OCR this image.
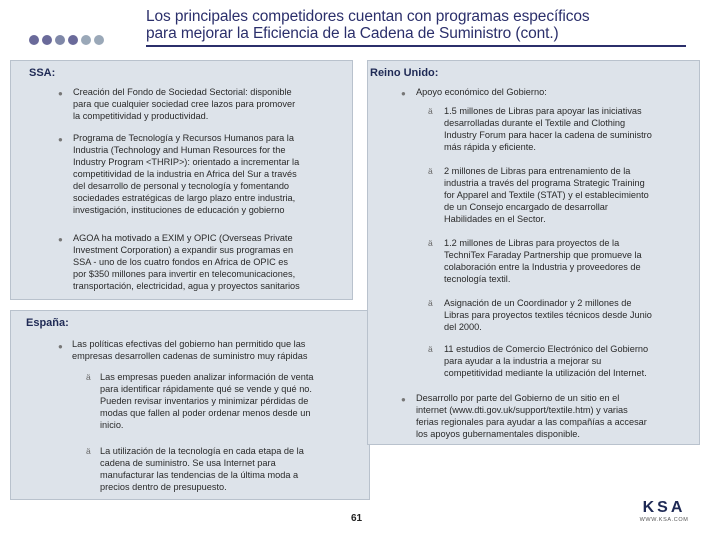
Los principales competidores cuentan con programas específicos
para mejorar la Eficiencia de la Cadena de Suministro (cont.)
SSA:
● Creación del Fondo de Sociedad Sectorial: disponible
para que cualquier sociedad cree lazos para promover
la competitividad y productividad.
● Programa de Tecnología y Recursos Humanos para la
Industria (Technology and Human Resources for the
Industry Program <THRIP>): orientado a incrementar la
competitividad de la industria en Africa del Sur a través
del desarrollo de personal y tecnología y fomentando
sociedades estratégicas de largo plazo entre industria,
investigación, instituciones de educación y gobierno
● AGOA ha motivado a EXIM y OPIC (Overseas Private
Investment Corporation) a expandir sus programas en
SSA - uno de los cuatro fondos en Africa de OPIC es
por $350 millones para invertir en telecomunicaciones,
transportación, electricidad, agua y proyectos sanitarios
España:
● Las políticas efectivas del gobierno han permitido que las
empresas desarrollen cadenas de suministro muy rápidas
ä Las empresas pueden analizar información de venta
para identificar rápidamente qué se vende y qué no.
Pueden revisar inventarios y minimizar pérdidas de
modas que fallen al poder ordenar menos desde un
inicio.
ä La utilización de la tecnología en cada etapa de la
cadena de suministro. Se usa Internet para
manufacturar las tendencias de la última moda a
precios dentro de presupuesto.
Reino Unido:
● Apoyo económico del Gobierno:
ä 1.5 millones de Libras para apoyar las iniciativas
desarrolladas durante el Textile and Clothing
Industry Forum para hacer la cadena de suministro
más rápida y eficiente.
ä 2 millones de Libras para entrenamiento de la
industria a través del programa Strategic Training
for Apparel and Textile (STAT) y el establecimiento
de un Consejo encargado de desarrollar
Habilidades en el Sector.
ä 1.2 millones de Libras para proyectos de la
TechniTex Faraday Partnership que promueve la
colaboración entre la Industria y proveedores de
tecnología textil.
ä Asignación de un Coordinador y 2 millones de
Libras para proyectos textiles técnicos desde Junio
del 2000.
ä 11 estudios de Comercio Electrónico del Gobierno
para ayudar a la industria a mejorar su
competitividad mediante la utilización del Internet.
● Desarrollo por parte del Gobierno de un sitio en el
internet (www.dti.gov.uk/support/textile.htm) y varias
ferias regionales para ayudar a las compañías a accesar
los apoyos gubernamentales disponible.
61
KSA
WWW.KSA.COM
